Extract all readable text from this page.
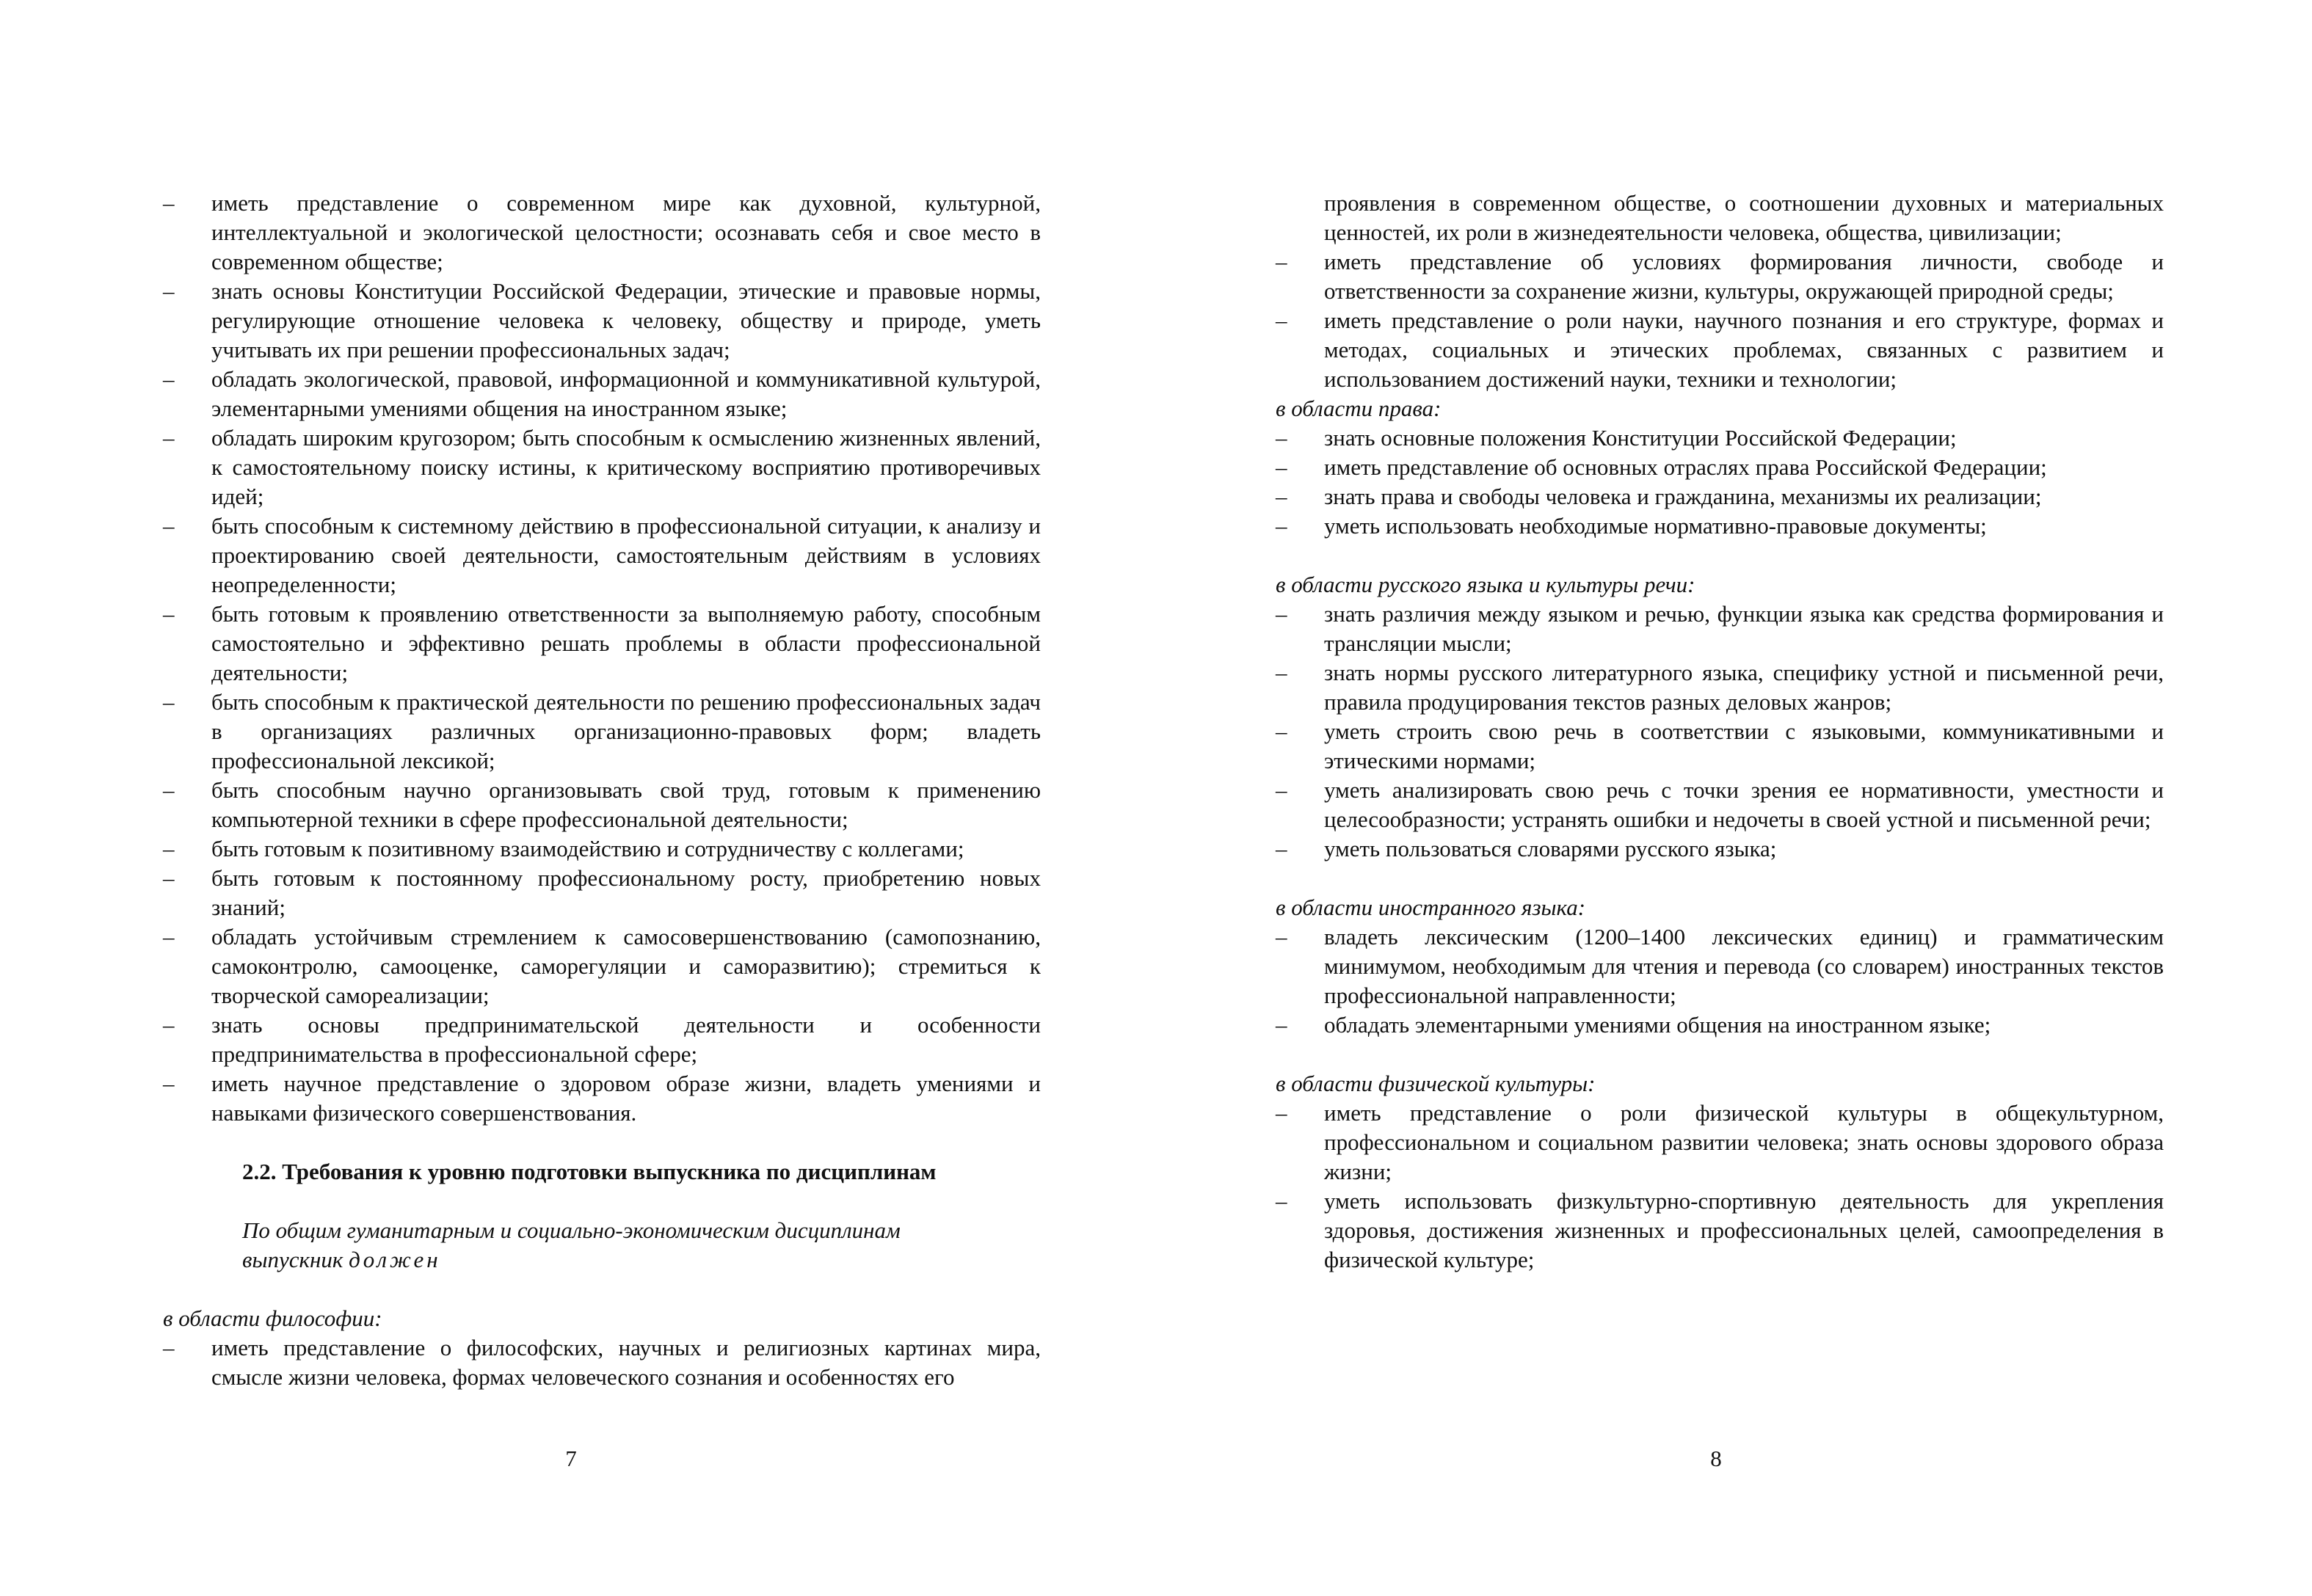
– иметь представление о современном мире как духовной, культурной, интеллектуальной и экологической целостности; осознавать себя и свое место в современном обществе;
– знать основы Конституции Российской Федерации, этические и правовые нормы, регулирующие отношение человека к человеку, обществу и природе, уметь учитывать их при решении профессиональных задач;
– обладать экологической, правовой, информационной и коммуникативной культурой, элементарными умениями общения на иностранном языке;
– обладать широким кругозором; быть способным к осмыслению жизненных явлений, к самостоятельному поиску истины, к критическому восприятию противоречивых идей;
– быть способным к системному действию в профессиональной ситуации, к анализу и проектированию своей деятельности, самостоятельным действиям в условиях неопределенности;
– быть готовым к проявлению ответственности за выполняемую работу, способным самостоятельно и эффективно решать проблемы в области профессиональной деятельности;
– быть способным к практической деятельности по решению профессиональных задач в организациях различных организационно-правовых форм; владеть профессиональной лексикой;
– быть способным научно организовывать свой труд, готовым к применению компьютерной техники в сфере профессиональной деятельности;
– быть готовым к позитивному взаимодействию и сотрудничеству с коллегами;
– быть готовым к постоянному профессиональному росту, приобретению новых знаний;
– обладать устойчивым стремлением к самосовершенствованию (самопознанию, самоконтролю, самооценке, саморегуляции и саморазвитию); стремиться к творческой самореализации;
– знать основы предпринимательской деятельности и особенности предпринимательства в профессиональной сфере;
– иметь научное представление о здоровом образе жизни, владеть умениями и навыками физического совершенствования.

2.2. Требования к уровню подготовки выпускника по дисциплинам

По общим гуманитарным и социально-экономическим дисциплинам

выпускник должен

в области философии:

– иметь представление о философских, научных и религиозных картинах мира, смысле жизни человека, формах человеческого сознания и особенностях его
7

проявления в современном обществе, о соотношении духовных и материальных ценностей, их роли в жизнедеятельности человека, общества, цивилизации;

– иметь представление об условиях формирования личности, свободе и ответственности за сохранение жизни, культуры, окружающей природной среды;
– иметь представление о роли науки, научного познания и его структуре, формах и методах, социальных и этических проблемах, связанных с развитием и использованием достижений науки, техники и технологии;

в области права:

– знать основные положения Конституции Российской Федерации;
– иметь представление об основных отраслях права Российской Федерации;
– знать права и свободы человека и гражданина, механизмы их реализации;
– уметь использовать необходимые нормативно-правовые документы;

в области русского языка и культуры речи:

– знать различия между языком и речью, функции языка как средства формирования и трансляции мысли;
– знать нормы русского литературного языка, специфику устной и письменной речи, правила продуцирования текстов разных деловых жанров;
– уметь строить свою речь в соответствии с языковыми, коммуникативными и этическими нормами;
– уметь анализировать свою речь с точки зрения ее нормативности, уместности и целесообразности; устранять ошибки и недочеты в своей устной и письменной речи;
– уметь пользоваться словарями русского языка;

в области иностранного языка:

– владеть лексическим (1200–1400 лексических единиц) и грамматическим минимумом, необходимым для чтения и перевода (со словарем) иностранных текстов профессиональной направленности;
– обладать элементарными умениями общения на иностранном языке;

в области физической культуры:

– иметь представление о роли физической культуры в общекультурном, профессиональном и социальном развитии человека; знать основы здорового образа жизни;
– уметь использовать физкультурно-спортивную деятельность для укрепления здоровья, достижения жизненных и профессиональных целей, самоопределения в физической культуре;
8
